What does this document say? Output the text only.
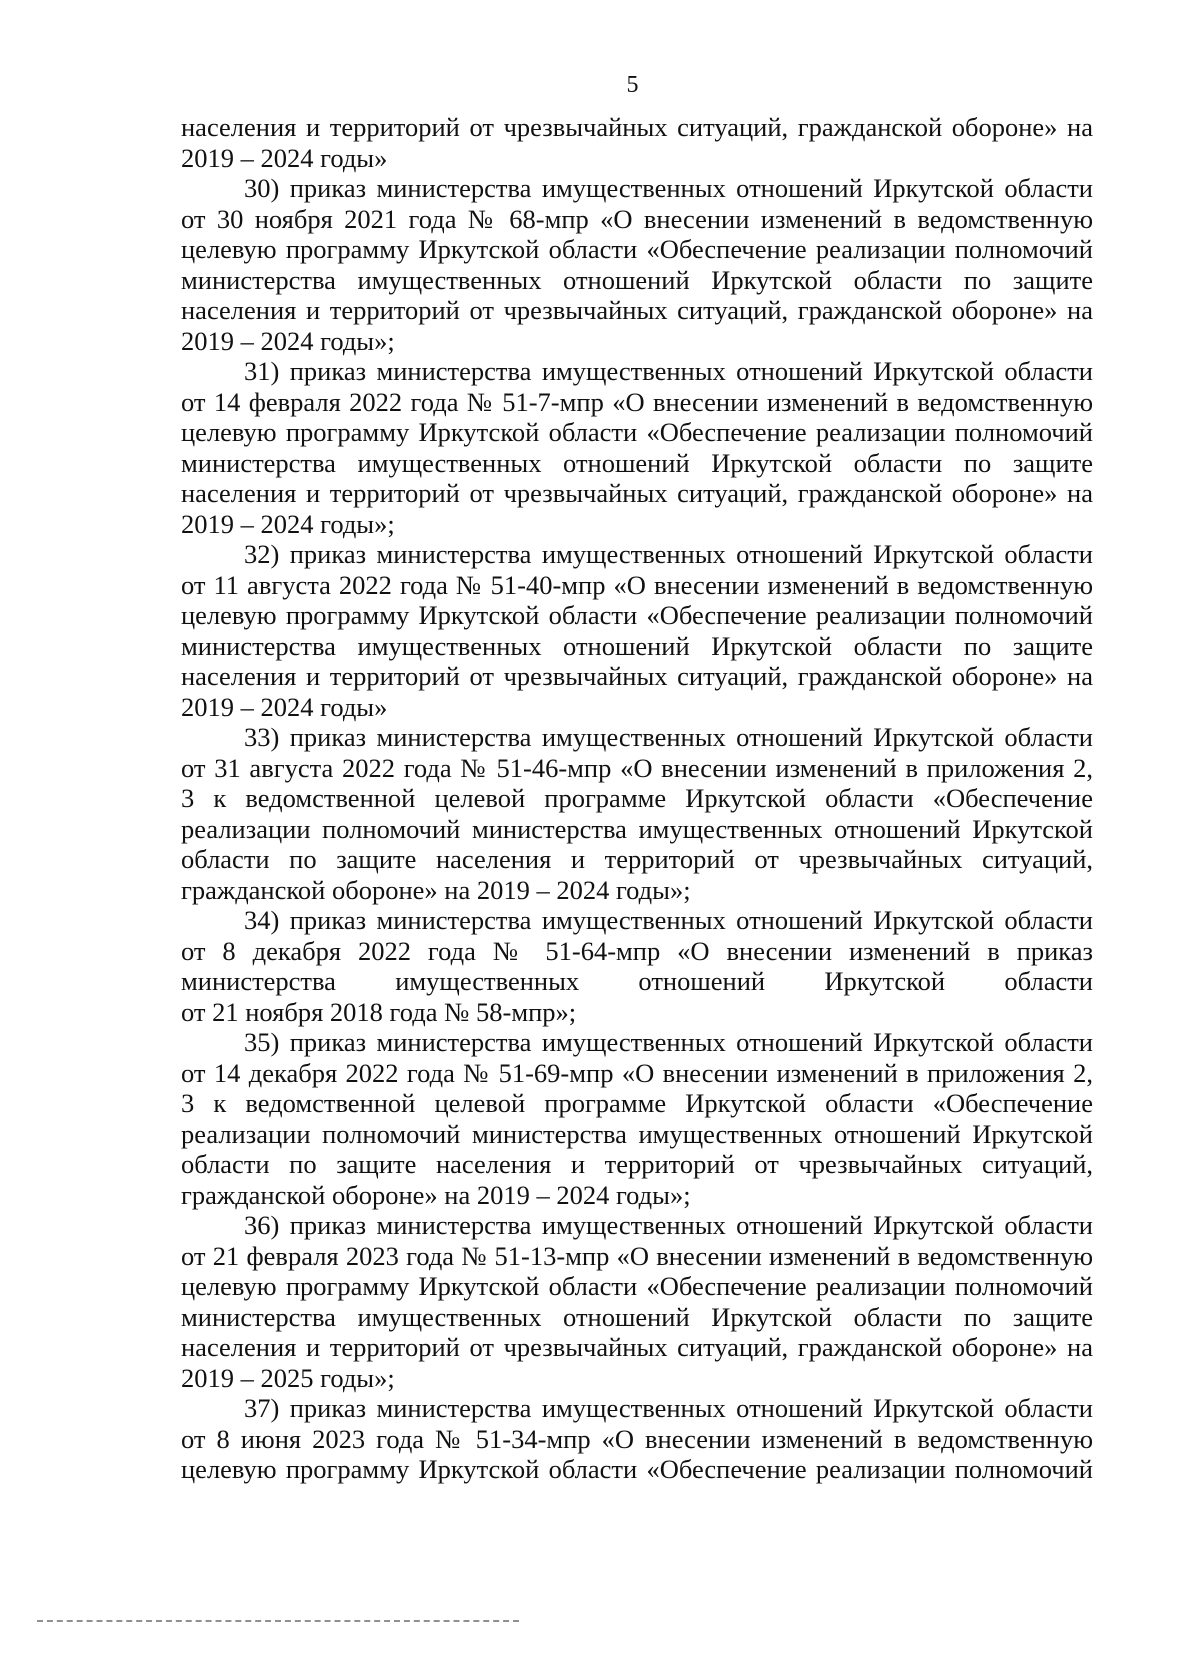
5
населения и территорий от чрезвычайных ситуаций, гражданской обороне» на
2019 – 2024 годы»
30) приказ министерства имущественных отношений Иркутской области
от 30 ноября 2021 года № 68-мпр «О внесении изменений в ведомственную
целевую программу Иркутской области «Обеспечение реализации полномочий
министерства имущественных отношений Иркутской области по защите
населения и территорий от чрезвычайных ситуаций, гражданской обороне» на
2019 – 2024 годы»;
31) приказ министерства имущественных отношений Иркутской области
от 14 февраля 2022 года № 51-7-мпр «О внесении изменений в ведомственную
целевую программу Иркутской области «Обеспечение реализации полномочий
министерства имущественных отношений Иркутской области по защите
населения и территорий от чрезвычайных ситуаций, гражданской обороне» на
2019 – 2024 годы»;
32) приказ министерства имущественных отношений Иркутской области
от 11 августа 2022 года № 51-40-мпр «О внесении изменений в ведомственную
целевую программу Иркутской области «Обеспечение реализации полномочий
министерства имущественных отношений Иркутской области по защите
населения и территорий от чрезвычайных ситуаций, гражданской обороне» на
2019 – 2024 годы»
33) приказ министерства имущественных отношений Иркутской области
от 31 августа 2022 года № 51-46-мпр «О внесении изменений в приложения 2,
3 к ведомственной целевой программе Иркутской области «Обеспечение
реализации полномочий министерства имущественных отношений Иркутской
области по защите населения и территорий от чрезвычайных ситуаций,
гражданской обороне» на 2019 – 2024 годы»;
34) приказ министерства имущественных отношений Иркутской области
от 8 декабря 2022 года № 51-64-мпр «О внесении изменений в приказ
министерства имущественных отношений Иркутской области
от 21 ноября 2018 года № 58-мпр»;
35) приказ министерства имущественных отношений Иркутской области
от 14 декабря 2022 года № 51-69-мпр «О внесении изменений в приложения 2,
3 к ведомственной целевой программе Иркутской области «Обеспечение
реализации полномочий министерства имущественных отношений Иркутской
области по защите населения и территорий от чрезвычайных ситуаций,
гражданской обороне» на 2019 – 2024 годы»;
36) приказ министерства имущественных отношений Иркутской области
от 21 февраля 2023 года № 51-13-мпр «О внесении изменений в ведомственную
целевую программу Иркутской области «Обеспечение реализации полномочий
министерства имущественных отношений Иркутской области по защите
населения и территорий от чрезвычайных ситуаций, гражданской обороне» на
2019 – 2025 годы»;
37) приказ министерства имущественных отношений Иркутской области
от 8 июня 2023 года № 51-34-мпр «О внесении изменений в ведомственную
целевую программу Иркутской области «Обеспечение реализации полномочий
